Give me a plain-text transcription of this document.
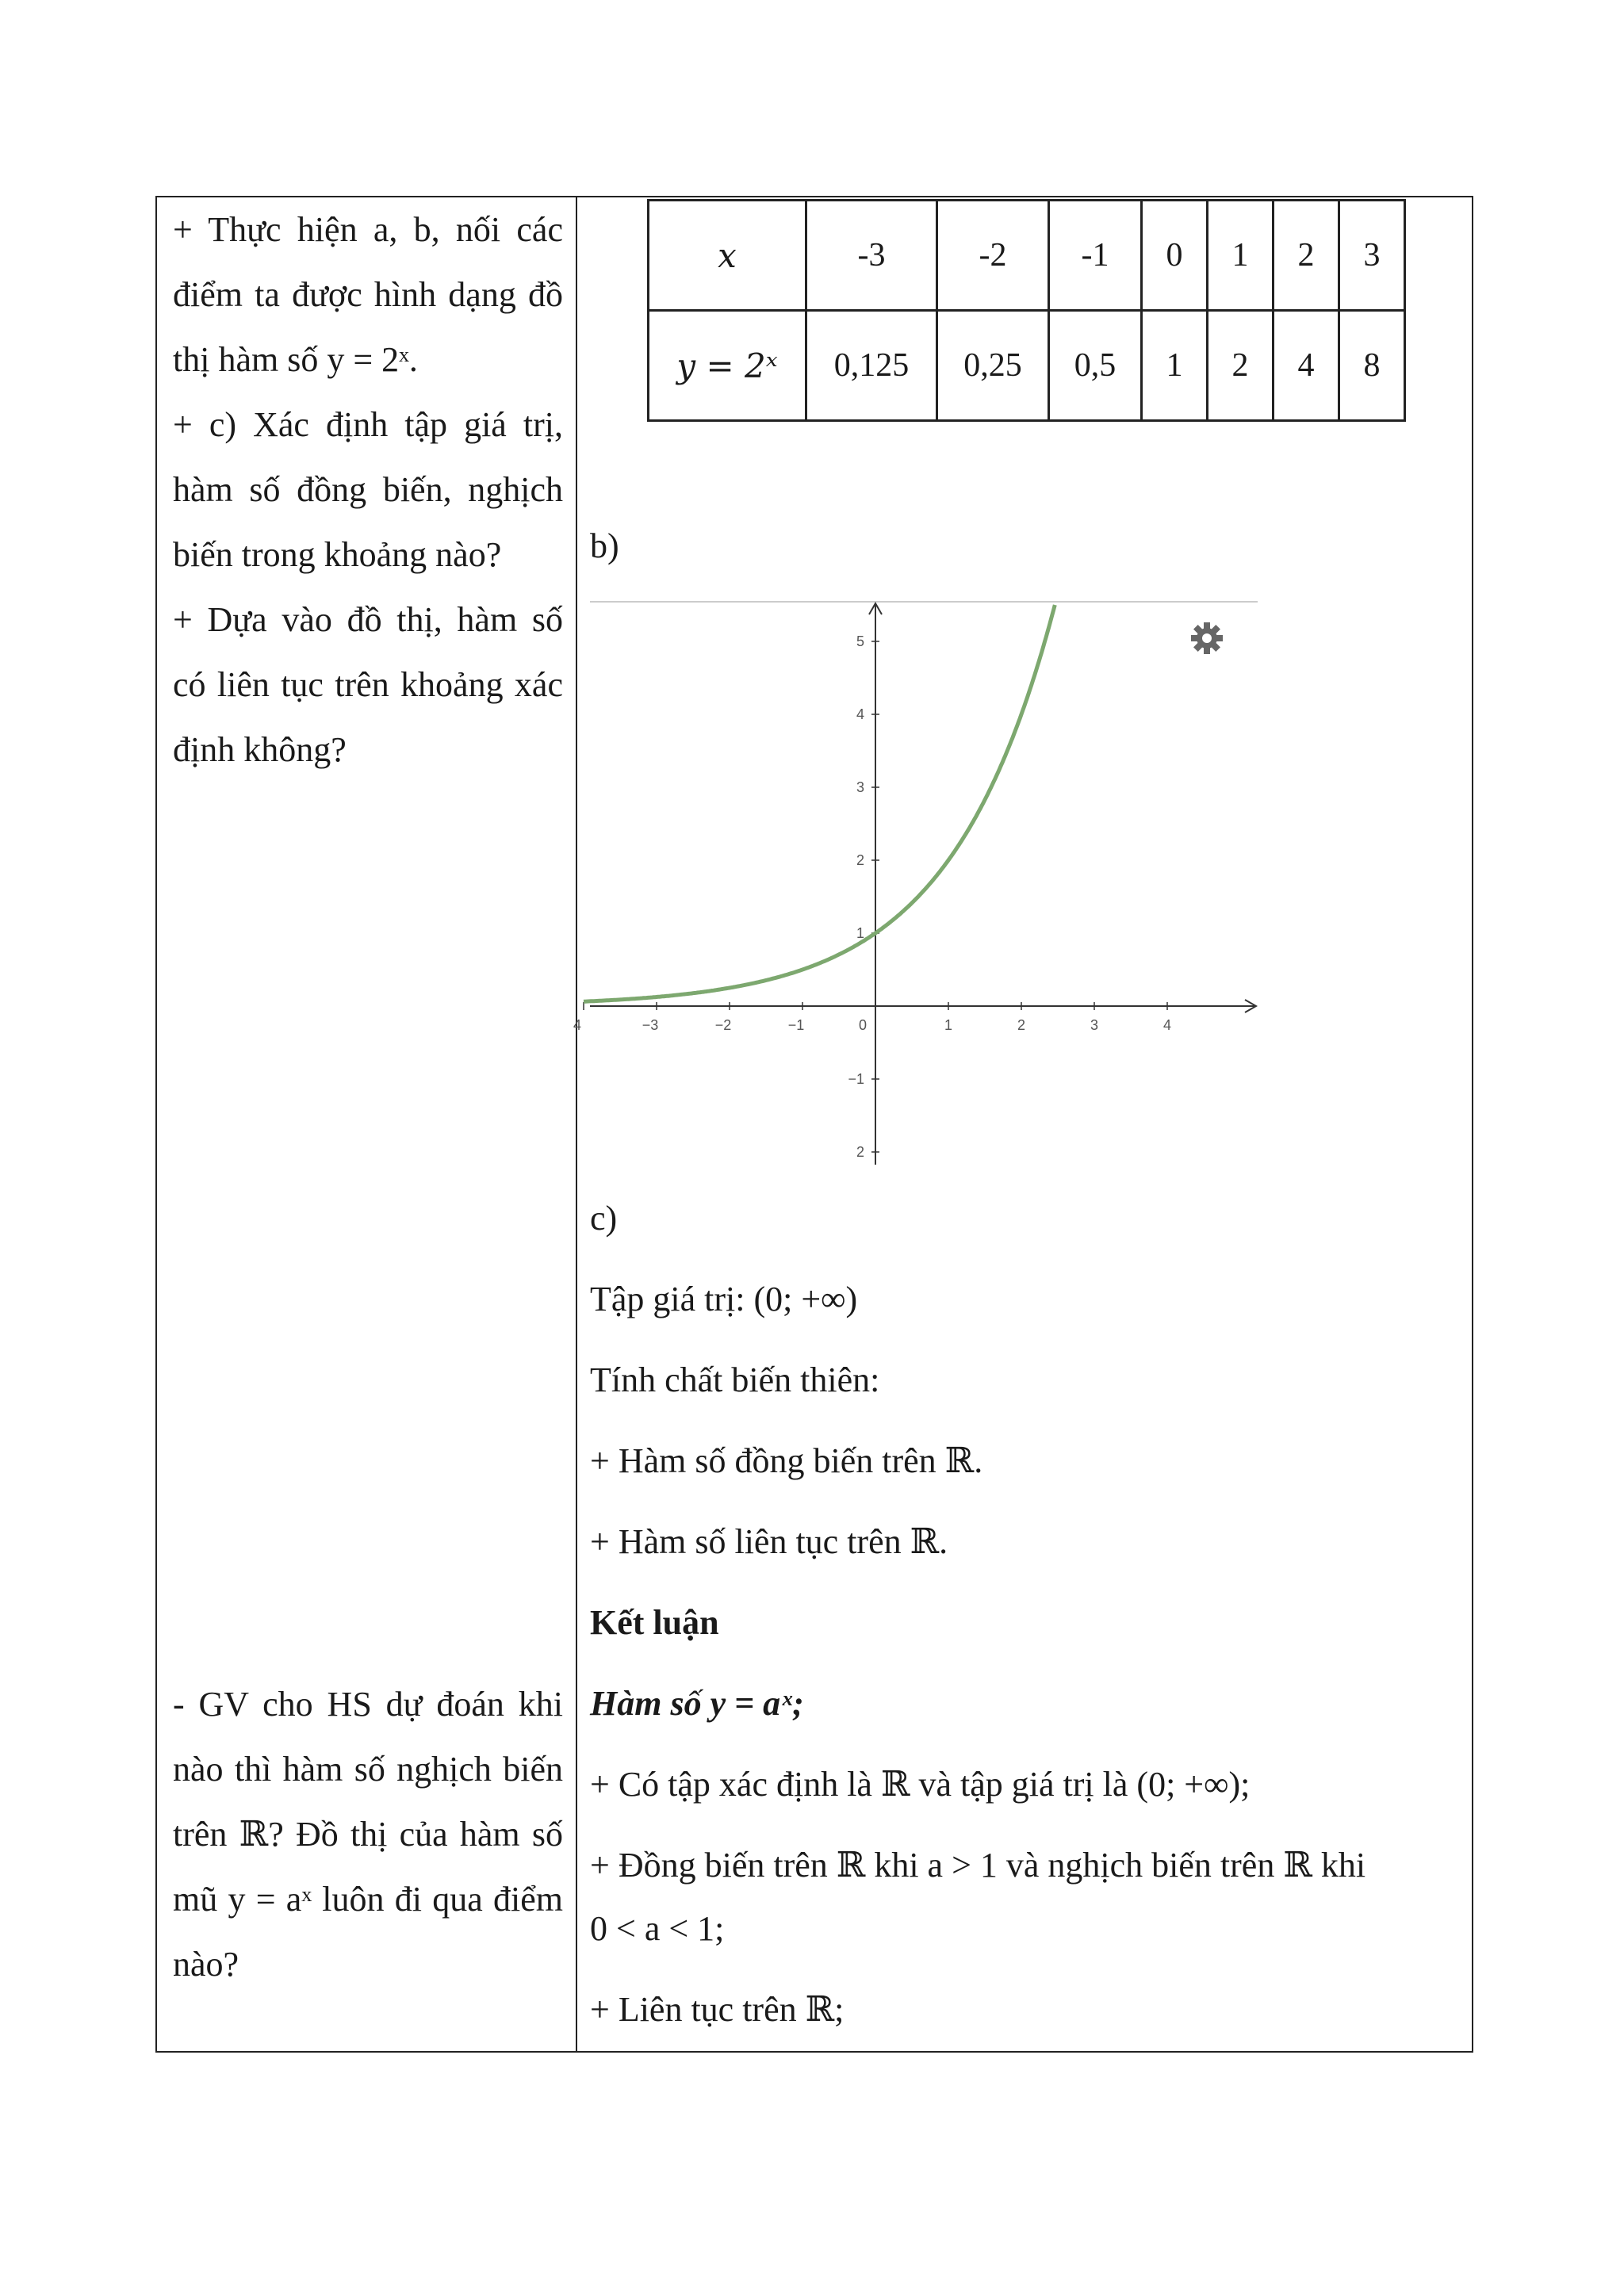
+ Thực hiện a, b, nối các điểm ta được hình dạng đồ thị hàm số y = 2ˣ.

+ c) Xác định tập giá trị, hàm số đồng biến, nghịch biến trong khoảng nào?

+ Dựa vào đồ thị, hàm số có liên tục trên khoảng xác định không?

- GV cho HS dự đoán khi nào thì hàm số nghịch biến trên ℝ? Đồ thị của hàm số mũ y = aˣ luôn đi qua điểm nào?

x	-3	-2	-1	0	1	2	3
y = 2ˣ	0,125	0,25	0,5	1	2	4	8

b)

4	−3	−2	−1	0	1	2	3	4
5
4
3
2
1
−1
2

c)

Tập giá trị: (0; +∞)

Tính chất biến thiên:

+ Hàm số đồng biến trên ℝ.

+ Hàm số liên tục trên ℝ.

Kết luận

Hàm số y = aˣ;

+ Có tập xác định là ℝ và tập giá trị là (0; +∞);

+ Đồng biến trên ℝ khi a > 1 và nghịch biến trên ℝ khi

0 < a < 1;

+ Liên tục trên ℝ;
